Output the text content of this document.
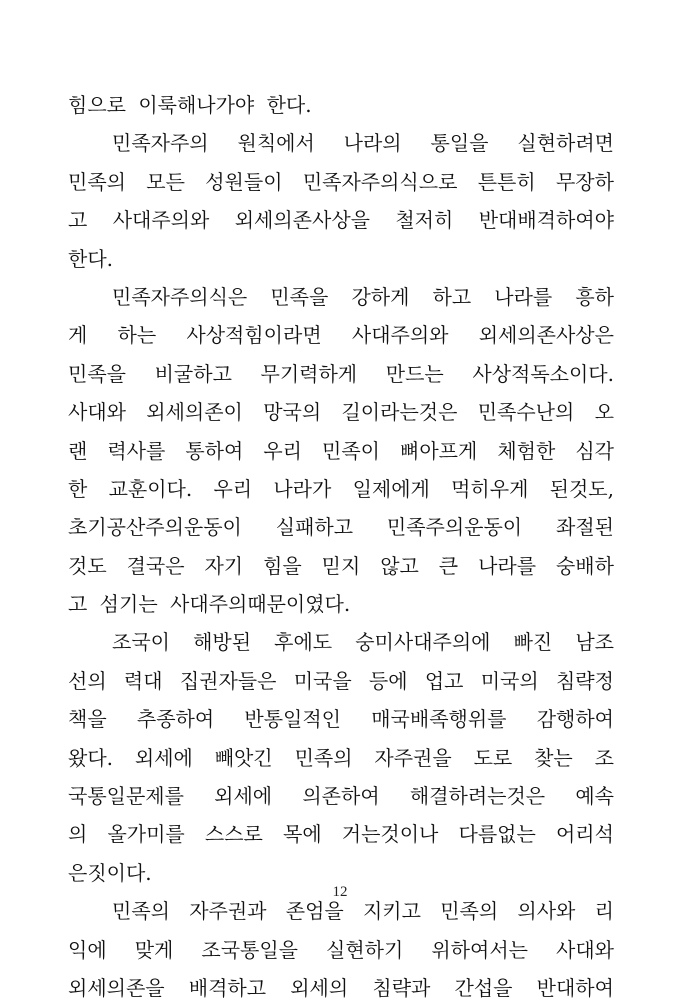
힘으로 이룩해나가야 한다.
민족자주의 원칙에서 나라의 통일을 실현하려면
민족의 모든 성원들이 민족자주의식으로 튼튼히 무장하
고 사대주의와 외세의존사상을 철저히 반대배격하여야
한다.
민족자주의식은 민족을 강하게 하고 나라를 흥하
게 하는 사상적힘이라면 사대주의와 외세의존사상은
민족을 비굴하고 무기력하게 만드는 사상적독소이다.
사대와 외세의존이 망국의 길이라는것은 민족수난의 오
랜 력사를 통하여 우리 민족이 뼈아프게 체험한 심각
한 교훈이다. 우리 나라가 일제에게 먹히우게 된것도,
초기공산주의운동이 실패하고 민족주의운동이 좌절된
것도 결국은 자기 힘을 믿지 않고 큰 나라를 숭배하
고 섬기는 사대주의때문이였다.
조국이 해방된 후에도 숭미사대주의에 빠진 남조
선의 력대 집권자들은 미국을 등에 업고 미국의 침략정
책을 추종하여 반통일적인 매국배족행위를 감행하여
왔다. 외세에 빼앗긴 민족의 자주권을 도로 찾는 조
국통일문제를 외세에 의존하여 해결하려는것은 예속
의 올가미를 스스로 목에 거는것이나 다름없는 어리석
은짓이다.
민족의 자주권과 존엄을 지키고 민족의 의사와 리
익에 맞게 조국통일을 실현하기 위하여서는 사대와
외세의존을 배격하고 외세의 침략과 간섭을 반대하여
12
